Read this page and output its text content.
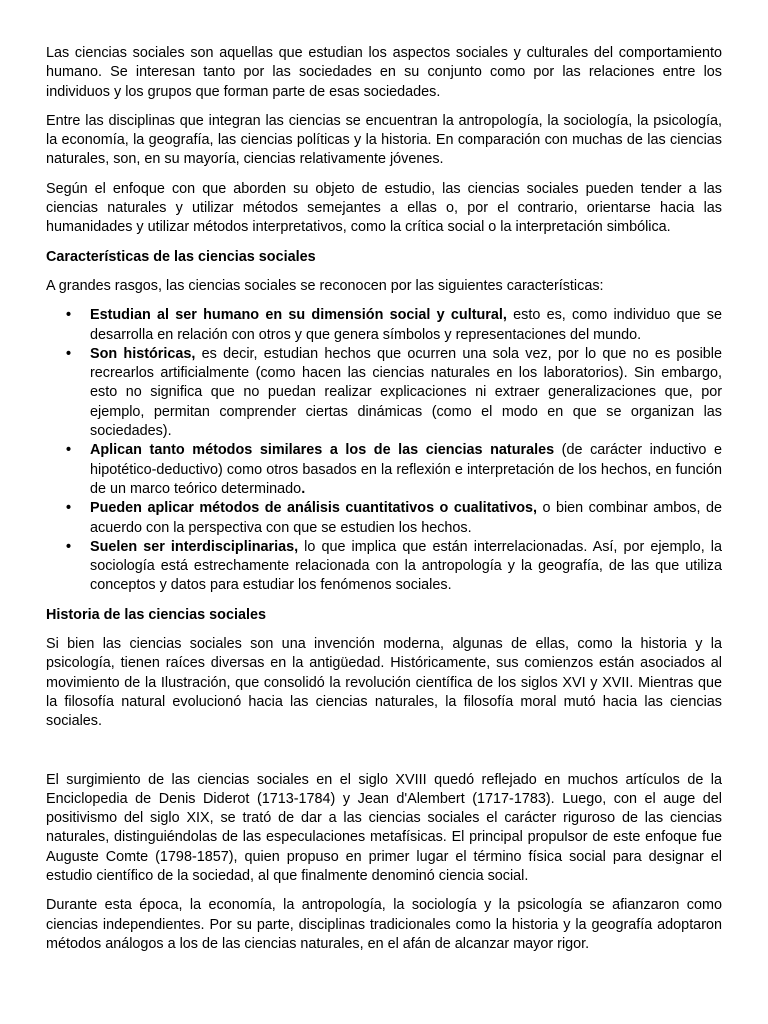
Las ciencias sociales son aquellas que estudian los aspectos sociales y culturales del comportamiento humano. Se interesan tanto por las sociedades en su conjunto como por las relaciones entre los individuos y los grupos que forman parte de esas sociedades.

Entre las disciplinas que integran las ciencias se encuentran la antropología, la sociología, la psicología, la economía, la geografía, las ciencias políticas y la historia. En comparación con muchas de las ciencias naturales, son, en su mayoría, ciencias relativamente jóvenes.

Según el enfoque con que aborden su objeto de estudio, las ciencias sociales pueden tender a las ciencias naturales y utilizar métodos semejantes a ellas o, por el contrario, orientarse hacia las humanidades y utilizar métodos interpretativos, como la crítica social o la interpretación simbólica.

Características de las ciencias sociales

A grandes rasgos, las ciencias sociales se reconocen por las siguientes características:

• Estudian al ser humano en su dimensión social y cultural, esto es, como individuo que se desarrolla en relación con otros y que genera símbolos y representaciones del mundo.
• Son históricas, es decir, estudian hechos que ocurren una sola vez, por lo que no es posible recrearlos artificialmente (como hacen las ciencias naturales en los laboratorios). Sin embargo, esto no significa que no puedan realizar explicaciones ni extraer generalizaciones que, por ejemplo, permitan comprender ciertas dinámicas (como el modo en que se organizan las sociedades).
• Aplican tanto métodos similares a los de las ciencias naturales (de carácter inductivo e hipotético-deductivo) como otros basados en la reflexión e interpretación de los hechos, en función de un marco teórico determinado.
• Pueden aplicar métodos de análisis cuantitativos o cualitativos, o bien combinar ambos, de acuerdo con la perspectiva con que se estudien los hechos.
• Suelen ser interdisciplinarias, lo que implica que están interrelacionadas. Así, por ejemplo, la sociología está estrechamente relacionada con la antropología y la geografía, de las que utiliza conceptos y datos para estudiar los fenómenos sociales.

Historia de las ciencias sociales

Si bien las ciencias sociales son una invención moderna, algunas de ellas, como la historia y la psicología, tienen raíces diversas en la antigüedad. Históricamente, sus comienzos están asociados al movimiento de la Ilustración, que consolidó la revolución científica de los siglos XVI y XVII. Mientras que la filosofía natural evolucionó hacia las ciencias naturales, la filosofía moral mutó hacia las ciencias sociales.

El surgimiento de las ciencias sociales en el siglo XVIII quedó reflejado en muchos artículos de la Enciclopedia de Denis Diderot (1713-1784) y Jean d'Alembert (1717-1783). Luego, con el auge del positivismo del siglo XIX, se trató de dar a las ciencias sociales el carácter riguroso de las ciencias naturales, distinguiéndolas de las especulaciones metafísicas. El principal propulsor de este enfoque fue Auguste Comte (1798-1857), quien propuso en primer lugar el término física social para designar el estudio científico de la sociedad, al que finalmente denominó ciencia social.

Durante esta época, la economía, la antropología, la sociología y la psicología se afianzaron como ciencias independientes. Por su parte, disciplinas tradicionales como la historia y la geografía adoptaron métodos análogos a los de las ciencias naturales, en el afán de alcanzar mayor rigor.
